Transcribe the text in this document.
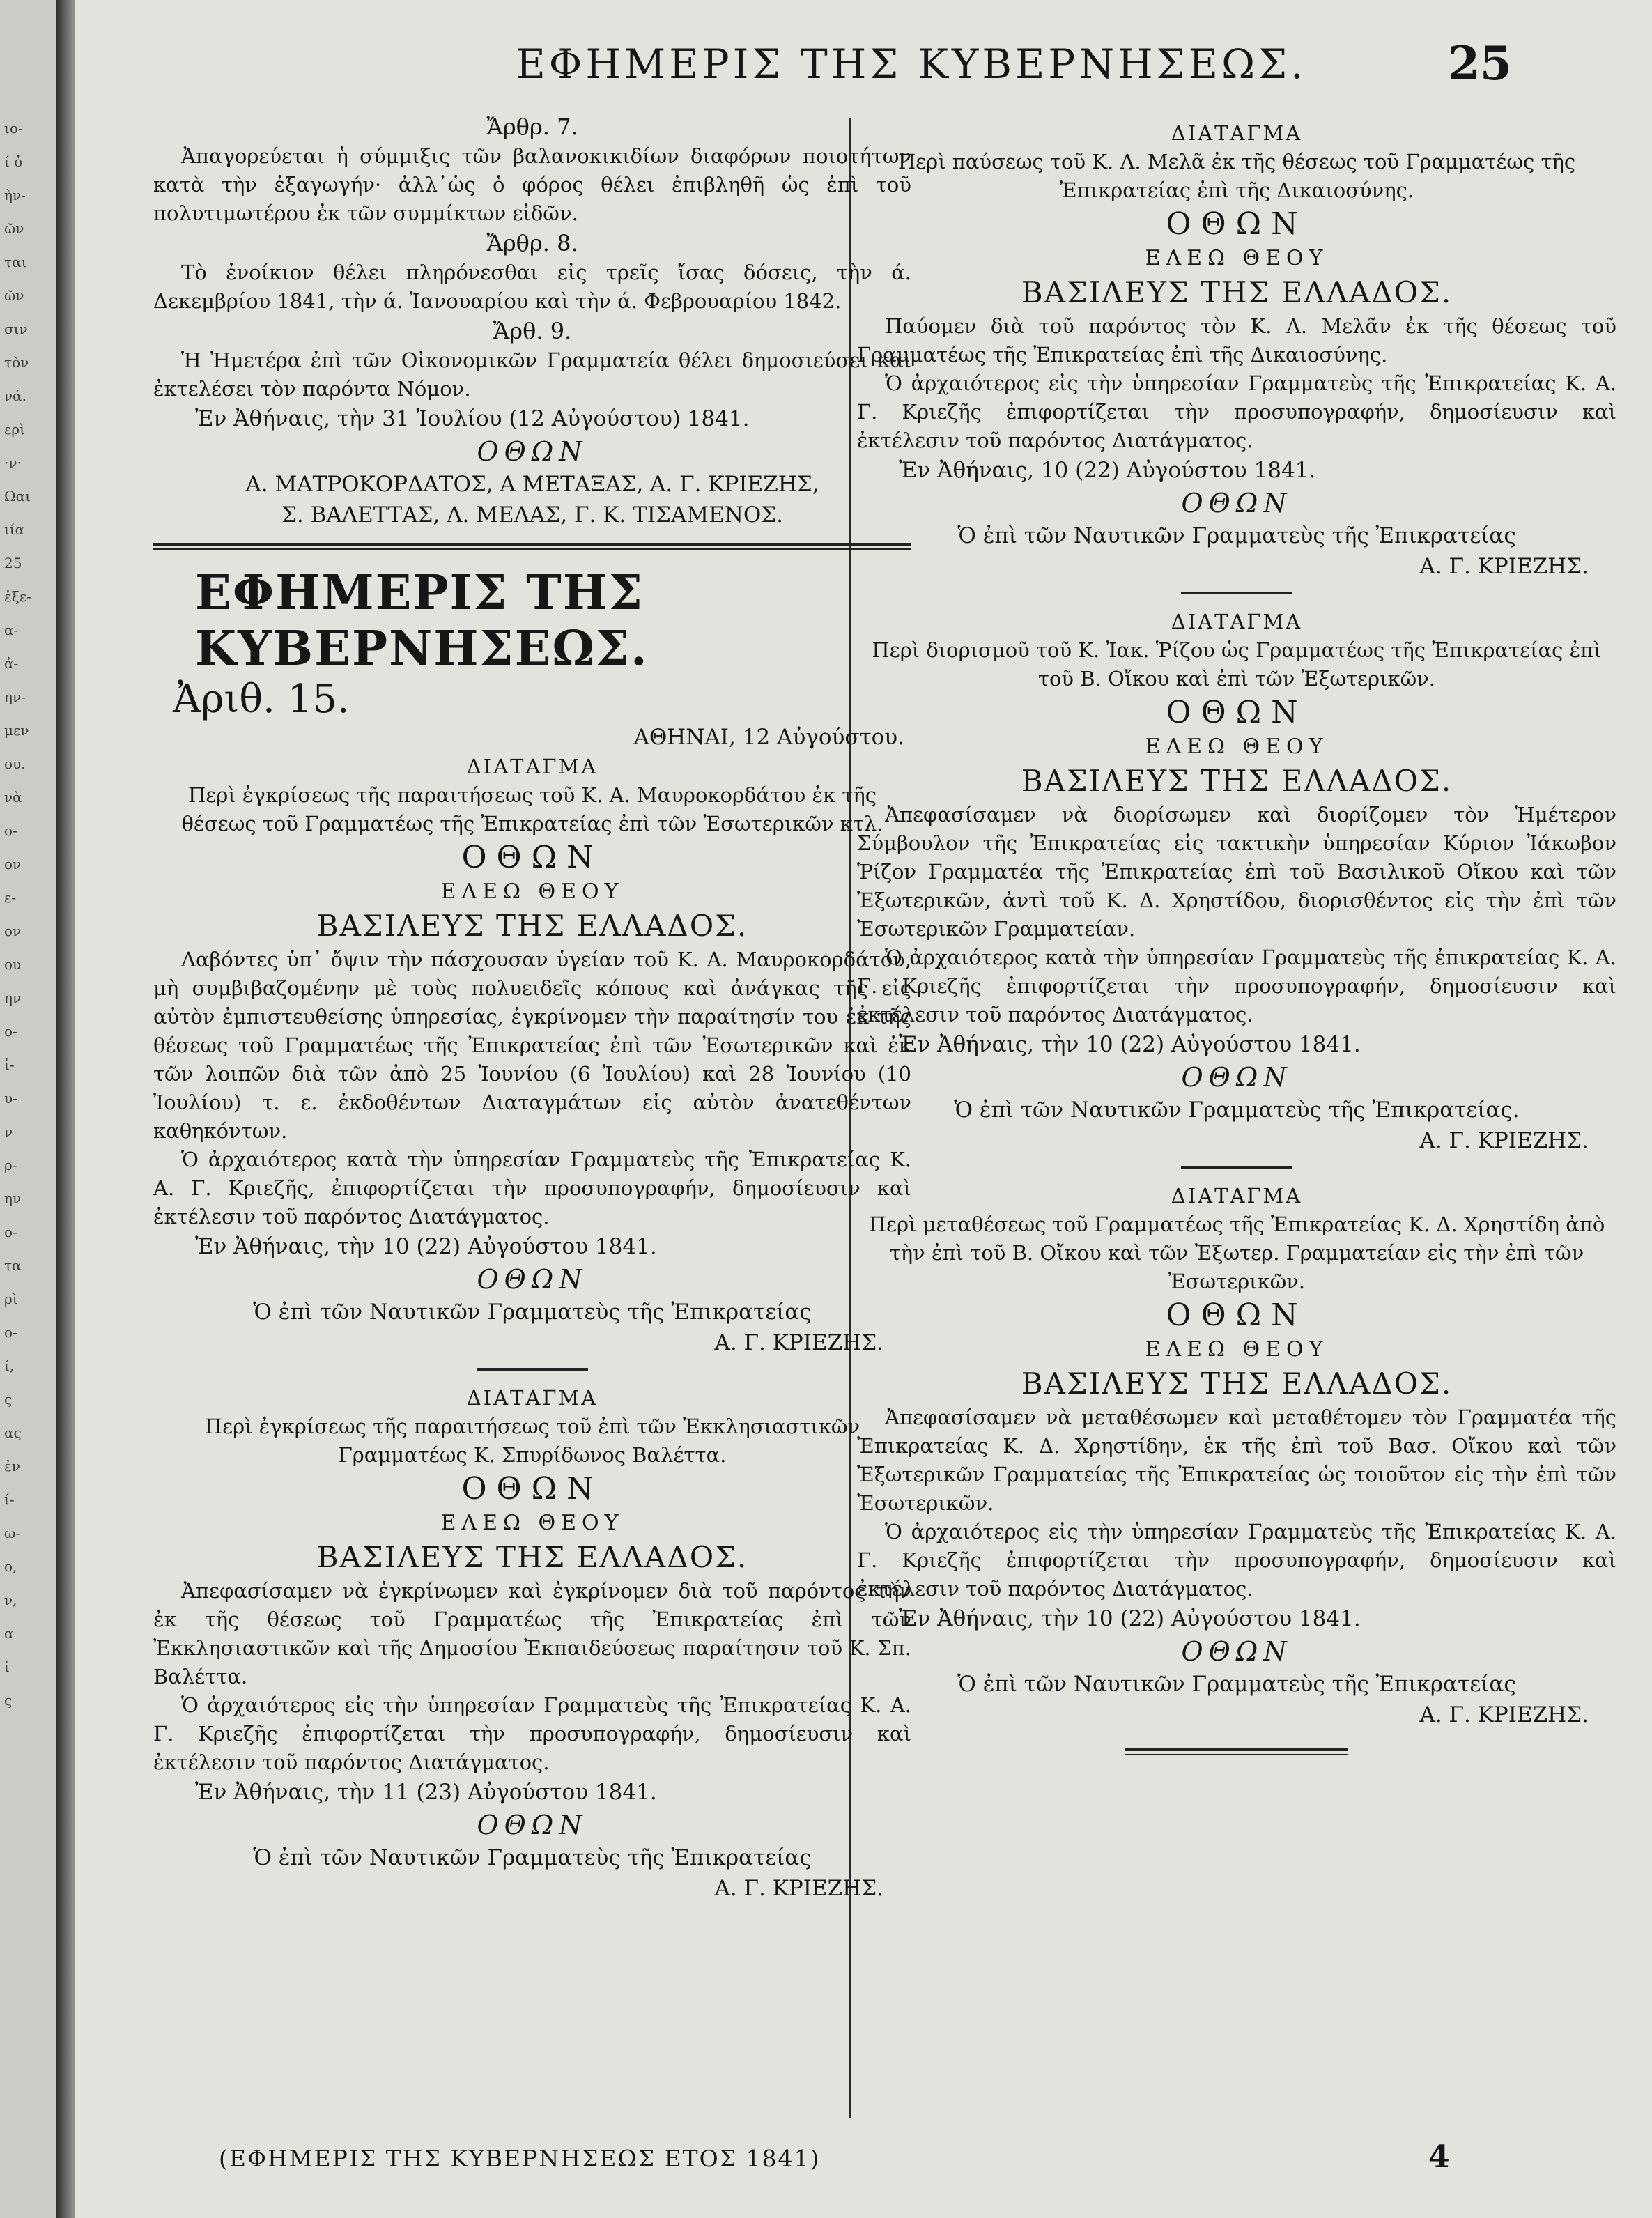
ιο-
ί ὁ
ὴν-
ῶν
ται
ῶν
σιν
τὸν
νά.
ερὶ
·ν·
Ωαι
ιία
25
ἐξε-
α-
ἀ-
ην-
μεν
ου.
νὰ
ο-
ον
ε-
ον
ου
ην
ο-
ἰ-
υ-
ν
ρ-
ην
ο-
τα
ρὶ
ο-
ί,
ς
ας
ἐν
ί-
ω-
ο,
ν,
α
ἰ
ς
ΕΦΗΜΕΡΙΣ ΤΗΣ ΚΥΒΕΡΝΗΣΕΩΣ.	25

Ἄρθρ. 7.

Ἀπαγορεύεται ἡ σύμμιξις τῶν βαλανοκικιδίων διαφόρων ποιοτήτων κατὰ τὴν ἐξαγωγήν· ἀλλ᾽ὡς ὁ φόρος θέλει ἐπιβληθῆ ὡς ἐπὶ τοῦ πολυτιμωτέρου ἐκ τῶν συμμίκτων εἰδῶν.

Ἄρθρ. 8.

Τὸ ἐνοίκιον θέλει πληρόνεσθαι εἰς τρεῖς ἴσας δόσεις, τὴν ά. Δεκεμβρίου 1841, τὴν ά. Ἰανουαρίου καὶ τὴν ά. Φεβρουαρίου 1842.

Ἄρθ. 9.

Ἡ Ἡμετέρα ἐπὶ τῶν Οἰκονομικῶν Γραμματεία θέλει δημοσιεύσει καὶ ἐκτελέσει τὸν παρόντα Νόμον.

Ἐν Ἀθήναις, τὴν 31 Ἰουλίου (12 Αὐγούστου) 1841.

ΟΘΩΝ

Α. ΜΑΤΡΟΚΟΡΔΑΤΟΣ, Α ΜΕΤΑΞΑΣ, Α. Γ. ΚΡΙΕΖΗΣ,

Σ. ΒΑΛΕΤΤΑΣ, Λ. ΜΕΛΑΣ, Γ. Κ. ΤΙΣΑΜΕΝΟΣ.

ΕΦΗΜΕΡΙΣ ΤΗΣ ΚΥΒΕΡΝΗΣΕΩΣ.

Ἀριθ. 15.

ΑΘΗΝΑΙ, 12 Αὐγούστου.

ΔΙΑΤΑΓΜΑ

Περὶ ἐγκρίσεως τῆς παραιτήσεως τοῦ Κ. Α. Μαυροκορδάτου ἐκ τῆς θέσεως τοῦ Γραμματέως τῆς Ἐπικρατείας ἐπὶ τῶν Ἐσωτερικῶν κτλ.

ΟΘΩΝ

ΕΛΕΩ ΘΕΟΥ

ΒΑΣΙΛΕΥΣ ΤΗΣ ΕΛΛΑΔΟΣ.

Λαβόντες ὑπ᾽ ὄψιν τὴν πάσχουσαν ὑγείαν τοῦ Κ. Α. Μαυροκορδάτου, μὴ συμβιβαζομένην μὲ τοὺς πολυειδεῖς κόπους καὶ ἀνάγκας τῆς εἰς αὐτὸν ἐμπιστευθείσης ὑπηρεσίας, ἐγκρίνομεν τὴν παραίτησίν του ἐκ τῆς θέσεως τοῦ Γραμματέως τῆς Ἐπικρατείας ἐπὶ τῶν Ἐσωτερικῶν καὶ ἐκ τῶν λοιπῶν διὰ τῶν ἀπὸ 25 Ἰουνίου (6 Ἰουλίου) καὶ 28 Ἰουνίου (10 Ἰουλίου) τ. ε. ἐκδοθέντων Διαταγμάτων εἰς αὐτὸν ἀνατεθέντων καθηκόντων.

Ὁ ἀρχαιότερος κατὰ τὴν ὑπηρεσίαν Γραμματεὺς τῆς Ἐπικρατείας Κ. Α. Γ. Κριεζῆς, ἐπιφορτίζεται τὴν προσυπογραφήν, δημοσίευσιν καὶ ἐκτέλεσιν τοῦ παρόντος Διατάγματος.

Ἐν Ἀθήναις, τὴν 10 (22) Αὐγούστου 1841.

ΟΘΩΝ

Ὁ ἐπὶ τῶν Ναυτικῶν Γραμματεὺς τῆς Ἐπικρατείας

Α. Γ. ΚΡΙΕΖΗΣ.

ΔΙΑΤΑΓΜΑ

Περὶ ἐγκρίσεως τῆς παραιτήσεως τοῦ ἐπὶ τῶν Ἐκκλησιαστικῶν Γραμματέως Κ. Σπυρίδωνος Βαλέττα.

ΟΘΩΝ

ΕΛΕΩ ΘΕΟΥ

ΒΑΣΙΛΕΥΣ ΤΗΣ ΕΛΛΑΔΟΣ.

Ἀπεφασίσαμεν νὰ ἐγκρίνωμεν καὶ ἐγκρίνομεν διὰ τοῦ παρόντος τὴν ἐκ τῆς θέσεως τοῦ Γραμματέως τῆς Ἐπικρατείας ἐπὶ τῶν Ἐκκλησιαστικῶν καὶ τῆς Δημοσίου Ἐκπαιδεύσεως παραίτησιν τοῦ Κ. Σπ. Βαλέττα.

Ὁ ἀρχαιότερος εἰς τὴν ὑπηρεσίαν Γραμματεὺς τῆς Ἐπικρατείας Κ. Α. Γ. Κριεζῆς ἐπιφορτίζεται τὴν προσυπογραφήν, δημοσίευσιν καὶ ἐκτέλεσιν τοῦ παρόντος Διατάγματος.

Ἐν Ἀθήναις, τὴν 11 (23) Αὐγούστου 1841.

ΟΘΩΝ

Ὁ ἐπὶ τῶν Ναυτικῶν Γραμματεὺς τῆς Ἐπικρατείας

Α. Γ. ΚΡΙΕΖΗΣ.

ΔΙΑΤΑΓΜΑ

Περὶ παύσεως τοῦ Κ. Λ. Μελᾶ ἐκ τῆς θέσεως τοῦ Γραμματέως τῆς Ἐπικρατείας ἐπὶ τῆς Δικαιοσύνης.

ΟΘΩΝ

ΕΛΕΩ ΘΕΟΥ

ΒΑΣΙΛΕΥΣ ΤΗΣ ΕΛΛΑΔΟΣ.

Παύομεν διὰ τοῦ παρόντος τὸν Κ. Λ. Μελᾶν ἐκ τῆς θέσεως τοῦ Γραμματέως τῆς Ἐπικρατείας ἐπὶ τῆς Δικαιοσύνης.

Ὁ ἀρχαιότερος εἰς τὴν ὑπηρεσίαν Γραμματεὺς τῆς Ἐπικρατείας Κ. Α. Γ. Κριεζῆς ἐπιφορτίζεται τὴν προσυπογραφήν, δημοσίευσιν καὶ ἐκτέλεσιν τοῦ παρόντος Διατάγματος.

Ἐν Ἀθήναις, 10 (22) Αὐγούστου 1841.

ΟΘΩΝ

Ὁ ἐπὶ τῶν Ναυτικῶν Γραμματεὺς τῆς Ἐπικρατείας

Α. Γ. ΚΡΙΕΖΗΣ.

ΔΙΑΤΑΓΜΑ

Περὶ διορισμοῦ τοῦ Κ. Ἰακ. Ῥίζου ὡς Γραμματέως τῆς Ἐπικρατείας ἐπὶ τοῦ Β. Οἴκου καὶ ἐπὶ τῶν Ἐξωτερικῶν.

ΟΘΩΝ

ΕΛΕΩ ΘΕΟΥ

ΒΑΣΙΛΕΥΣ ΤΗΣ ΕΛΛΑΔΟΣ.

Ἀπεφασίσαμεν νὰ διορίσωμεν καὶ διορίζομεν τὸν Ἡμέτερον Σύμβουλον τῆς Ἐπικρατείας εἰς τακτικὴν ὑπηρεσίαν Κύριον Ἰάκωβον Ῥίζον Γραμματέα τῆς Ἐπικρατείας ἐπὶ τοῦ Βασιλικοῦ Οἴκου καὶ τῶν Ἐξωτερικῶν, ἀντὶ τοῦ Κ. Δ. Χρηστίδου, διορισθέντος εἰς τὴν ἐπὶ τῶν Ἐσωτερικῶν Γραμματείαν.

Ὁ ἀρχαιότερος κατὰ τὴν ὑπηρεσίαν Γραμματεὺς τῆς ἐπικρατείας Κ. Α. Γ. Κριεζῆς ἐπιφορτίζεται τὴν προσυπογραφήν, δημοσίευσιν καὶ ἐκτέλεσιν τοῦ παρόντος Διατάγματος.

Ἐν Ἀθήναις, τὴν 10 (22) Αὐγούστου 1841.

ΟΘΩΝ

Ὁ ἐπὶ τῶν Ναυτικῶν Γραμματεὺς τῆς Ἐπικρατείας.

Α. Γ. ΚΡΙΕΖΗΣ.

ΔΙΑΤΑΓΜΑ

Περὶ μεταθέσεως τοῦ Γραμματέως τῆς Ἐπικρατείας Κ. Δ. Χρηστίδη ἀπὸ τὴν ἐπὶ τοῦ Β. Οἴκου καὶ τῶν Ἐξωτερ. Γραμματείαν εἰς τὴν ἐπὶ τῶν Ἐσωτερικῶν.

ΟΘΩΝ

ΕΛΕΩ ΘΕΟΥ

ΒΑΣΙΛΕΥΣ ΤΗΣ ΕΛΛΑΔΟΣ.

Ἀπεφασίσαμεν νὰ μεταθέσωμεν καὶ μεταθέτομεν τὸν Γραμματέα τῆς Ἐπικρατείας Κ. Δ. Χρηστίδην, ἐκ τῆς ἐπὶ τοῦ Βασ. Οἴκου καὶ τῶν Ἐξωτερικῶν Γραμματείας τῆς Ἐπικρατείας ὡς τοιοῦτον εἰς τὴν ἐπὶ τῶν Ἐσωτερικῶν.

Ὁ ἀρχαιότερος εἰς τὴν ὑπηρεσίαν Γραμματεὺς τῆς Ἐπικρατείας Κ. Α. Γ. Κριεζῆς ἐπιφορτίζεται τὴν προσυπογραφήν, δημοσίευσιν καὶ ἐκτέλεσιν τοῦ παρόντος Διατάγματος.

Ἐν Ἀθήναις, τὴν 10 (22) Αὐγούστου 1841.

ΟΘΩΝ

Ὁ ἐπὶ τῶν Ναυτικῶν Γραμματεὺς τῆς Ἐπικρατείας

Α. Γ. ΚΡΙΕΖΗΣ.

(ΕΦΗΜΕΡΙΣ ΤΗΣ ΚΥΒΕΡΝΗΣΕΩΣ ΕΤΟΣ 1841)	4
